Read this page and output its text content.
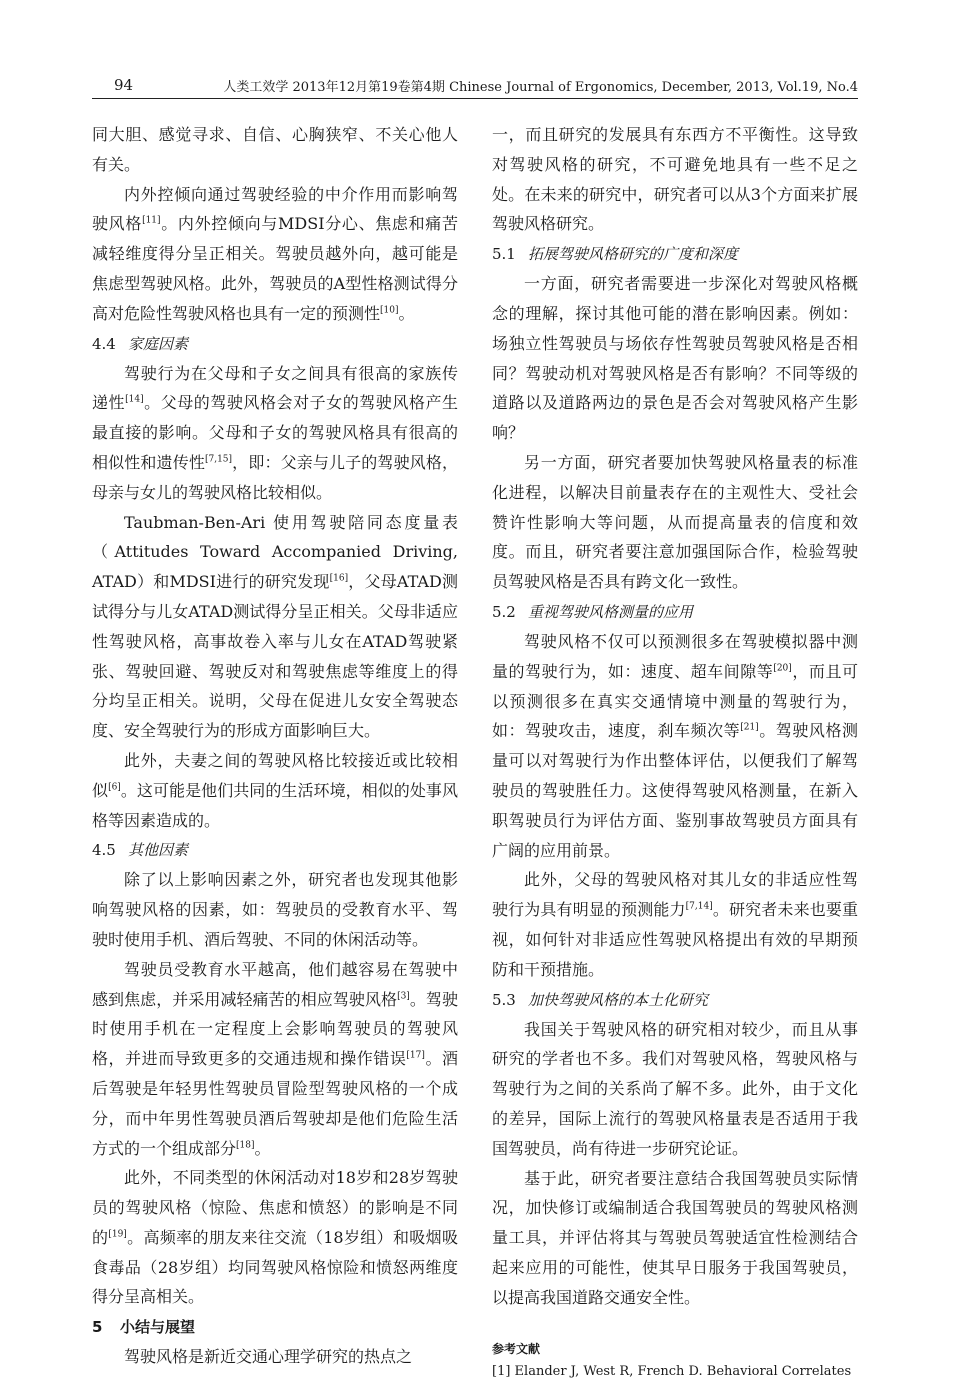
94	人类工效学 2013年12月第19卷第4期 Chinese Journal of Ergonomics, December, 2013, Vol.19, No.4

同大胆、感觉寻求、自信、心胸狭窄、不关心他人有关。

内外控倾向通过驾驶经验的中介作用而影响驾驶风格[11]。内外控倾向与MDSI分心、焦虑和痛苦减轻维度得分呈正相关。驾驶员越外向，越可能是焦虑型驾驶风格。此外，驾驶员的A型性格测试得分高对危险性驾驶风格也具有一定的预测性[10]。

4.4 家庭因素

驾驶行为在父母和子女之间具有很高的家族传递性[14]。父母的驾驶风格会对子女的驾驶风格产生最直接的影响。父母和子女的驾驶风格具有很高的相似性和遗传性[7,15]，即：父亲与儿子的驾驶风格，母亲与女儿的驾驶风格比较相似。

Taubman-Ben-Ari 使用驾驶陪同态度量表（Attitudes Toward Accompanied Driving, ATAD）和MDSI进行的研究发现[16]，父母ATAD测试得分与儿女ATAD测试得分呈正相关。父母非适应性驾驶风格，高事故卷入率与儿女在ATAD驾驶紧张、驾驶回避、驾驶反对和驾驶焦虑等维度上的得分均呈正相关。说明，父母在促进儿女安全驾驶态度、安全驾驶行为的形成方面影响巨大。

此外，夫妻之间的驾驶风格比较接近或比较相似[6]。这可能是他们共同的生活环境，相似的处事风格等因素造成的。

4.5 其他因素

除了以上影响因素之外，研究者也发现其他影响驾驶风格的因素，如：驾驶员的受教育水平、驾驶时使用手机、酒后驾驶、不同的休闲活动等。

驾驶员受教育水平越高，他们越容易在驾驶中感到焦虑，并采用减轻痛苦的相应驾驶风格[3]。驾驶时使用手机在一定程度上会影响驾驶员的驾驶风格，并进而导致更多的交通违规和操作错误[17]。酒后驾驶是年轻男性驾驶员冒险型驾驶风格的一个成分，而中年男性驾驶员酒后驾驶却是他们危险生活方式的一个组成部分[18]。

此外，不同类型的休闲活动对18岁和28岁驾驶员的驾驶风格（惊险、焦虑和愤怒）的影响是不同的[19]。高频率的朋友来往交流（18岁组）和吸烟吸食毒品（28岁组）均同驾驶风格惊险和愤怒两维度得分呈高相关。

5 小结与展望

驾驶风格是新近交通心理学研究的热点之

一，而且研究的发展具有东西方不平衡性。这导致对驾驶风格的研究，不可避免地具有一些不足之处。在未来的研究中，研究者可以从3个方面来扩展驾驶风格研究。

5.1 拓展驾驶风格研究的广度和深度

一方面，研究者需要进一步深化对驾驶风格概念的理解，探讨其他可能的潜在影响因素。例如：场独立性驾驶员与场依存性驾驶员驾驶风格是否相同？驾驶动机对驾驶风格是否有影响？不同等级的道路以及道路两边的景色是否会对驾驶风格产生影响？

另一方面，研究者要加快驾驶风格量表的标准化进程，以解决目前量表存在的主观性大、受社会赞许性影响大等问题，从而提高量表的信度和效度。而且，研究者要注意加强国际合作，检验驾驶员驾驶风格是否具有跨文化一致性。

5.2 重视驾驶风格测量的应用

驾驶风格不仅可以预测很多在驾驶模拟器中测量的驾驶行为，如：速度、超车间隙等[20]，而且可以预测很多在真实交通情境中测量的驾驶行为，如：驾驶攻击，速度，刹车频次等[21]。驾驶风格测量可以对驾驶行为作出整体评估，以便我们了解驾驶员的驾驶胜任力。这使得驾驶风格测量，在新入职驾驶员行为评估方面、鉴别事故驾驶员方面具有广阔的应用前景。

此外，父母的驾驶风格对其儿女的非适应性驾驶行为具有明显的预测能力[7,14]。研究者未来也要重视，如何针对非适应性驾驶风格提出有效的早期预防和干预措施。

5.3 加快驾驶风格的本土化研究

我国关于驾驶风格的研究相对较少，而且从事研究的学者也不多。我们对驾驶风格，驾驶风格与驾驶行为之间的关系尚了解不多。此外，由于文化的差异，国际上流行的驾驶风格量表是否适用于我国驾驶员，尚有待进一步研究论证。

基于此，研究者要注意结合我国驾驶员实际情况，加快修订或编制适合我国驾驶员的驾驶风格测量工具，并评估将其与驾驶员驾驶适宜性检测结合起来应用的可能性，使其早日服务于我国驾驶员，以提高我国道路交通安全性。

参考文献

[1] Elander J, West R, French D. Behavioral Correlates
